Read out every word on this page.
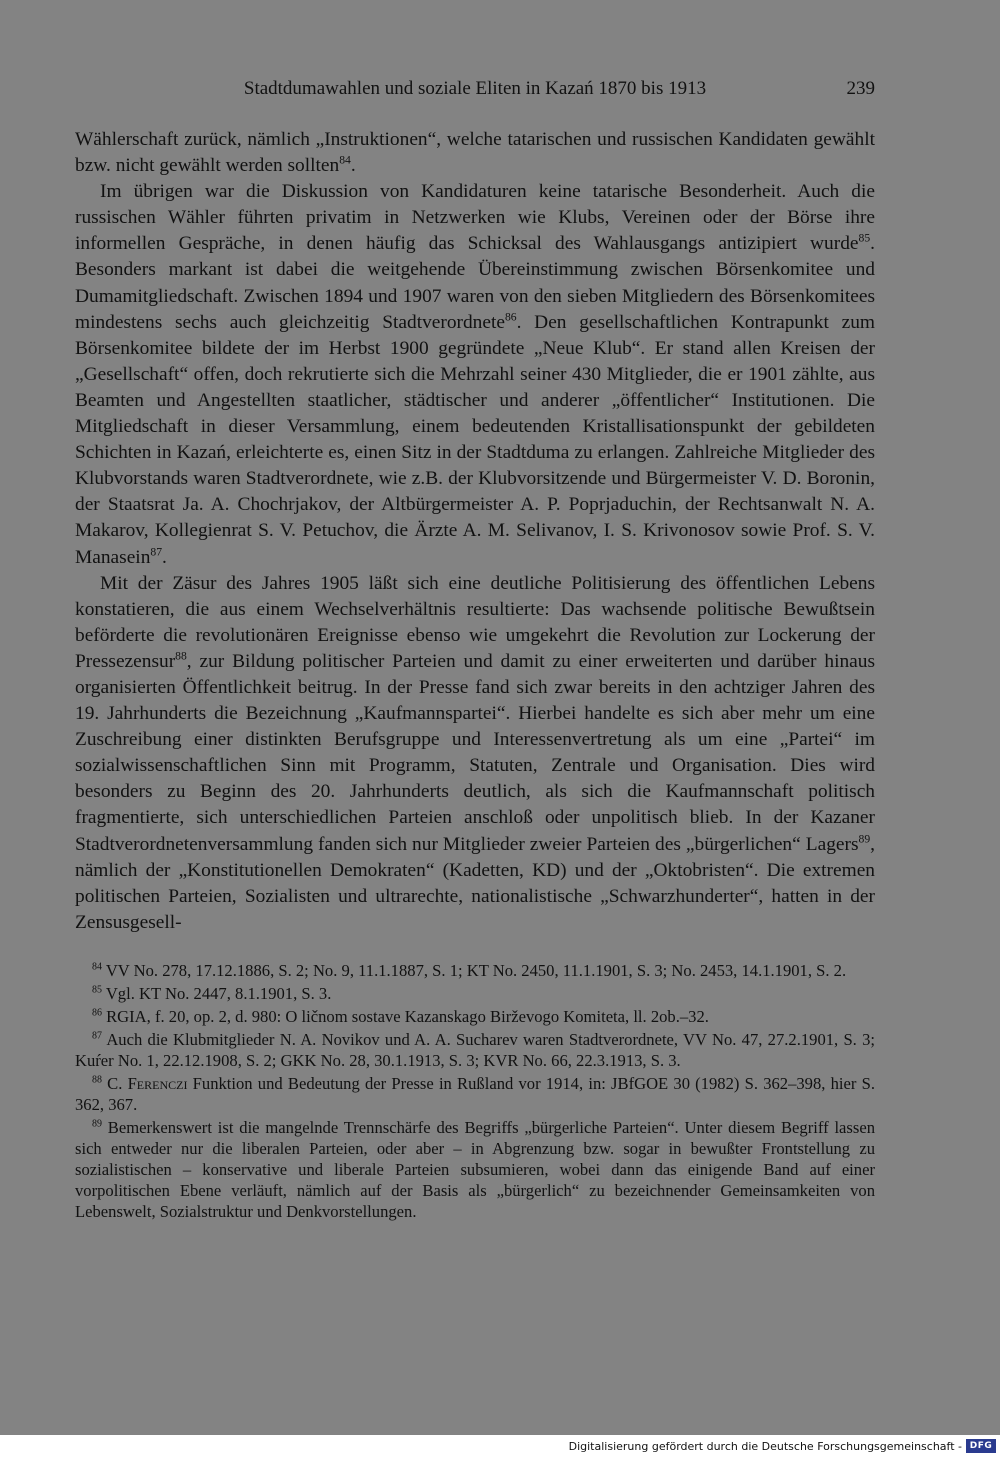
Stadtdumawahlen und soziale Eliten in Kazań 1870 bis 1913	239

Wählerschaft zurück, nämlich „Instruktionen“, welche tatarischen und russischen Kandidaten gewählt bzw. nicht gewählt werden sollten$^{84}$.

Im übrigen war die Diskussion von Kandidaturen keine tatarische Besonderheit. Auch die russischen Wähler führten privatim in Netzwerken wie Klubs, Vereinen oder der Börse ihre informellen Gespräche, in denen häufig das Schicksal des Wahlausgangs antizipiert wurde$^{85}$. Besonders markant ist dabei die weitgehende Übereinstimmung zwischen Börsenkomitee und Dumamitgliedschaft. Zwischen 1894 und 1907 waren von den sieben Mitgliedern des Börsenkomitees mindestens sechs auch gleichzeitig Stadtverordnete$^{86}$. Den gesellschaftlichen Kontrapunkt zum Börsenkomitee bildete der im Herbst 1900 gegründete „Neue Klub“. Er stand allen Kreisen der „Gesellschaft“ offen, doch rekrutierte sich die Mehrzahl seiner 430 Mitglieder, die er 1901 zählte, aus Beamten und Angestellten staatlicher, städtischer und anderer „öffentlicher“ Institutionen. Die Mitgliedschaft in dieser Versammlung, einem bedeutenden Kristallisationspunkt der gebildeten Schichten in Kazań, erleichterte es, einen Sitz in der Stadtduma zu erlangen. Zahlreiche Mitglieder des Klubvorstands waren Stadtverordnete, wie z.B. der Klubvorsitzende und Bürgermeister V. D. Boronin, der Staatsrat Ja. A. Chochrjakov, der Altbürgermeister A. P. Poprjaduchin, der Rechtsanwalt N. A. Makarov, Kollegienrat S. V. Petuchov, die Ärzte A. M. Selivanov, I. S. Krivonosov sowie Prof. S. V. Manasein$^{87}$.

Mit der Zäsur des Jahres 1905 läßt sich eine deutliche Politisierung des öffentlichen Lebens konstatieren, die aus einem Wechselverhältnis resultierte: Das wachsende politische Bewußtsein beförderte die revolutionären Ereignisse ebenso wie umgekehrt die Revolution zur Lockerung der Pressezensur$^{88}$, zur Bildung politischer Parteien und damit zu einer erweiterten und darüber hinaus organisierten Öffentlichkeit beitrug. In der Presse fand sich zwar bereits in den achtziger Jahren des 19. Jahrhunderts die Bezeichnung „Kaufmannspartei“. Hierbei handelte es sich aber mehr um eine Zuschreibung einer distinkten Berufsgruppe und Interessenvertretung als um eine „Partei“ im sozialwissenschaftlichen Sinn mit Programm, Statuten, Zentrale und Organisation. Dies wird besonders zu Beginn des 20. Jahrhunderts deutlich, als sich die Kaufmannschaft politisch fragmentierte, sich unterschiedlichen Parteien anschloß oder unpolitisch blieb. In der Kazaner Stadtverordnetenversammlung fanden sich nur Mitglieder zweier Parteien des „bürgerlichen“ Lagers$^{89}$, nämlich der „Konstitutionellen Demokraten“ (Kadetten, KD) und der „Oktobristen“. Die extremen politischen Parteien, Sozialisten und ultrarechte, nationalistische „Schwarzhunderter“, hatten in der Zensusgesell-

$^{84}$ VV No. 278, 17.12.1886, S. 2; No. 9, 11.1.1887, S. 1; KT No. 2450, 11.1.1901, S. 3; No. 2453, 14.1.1901, S. 2.

$^{85}$ Vgl. KT No. 2447, 8.1.1901, S. 3.

$^{86}$ RGIA, f. 20, op. 2, d. 980: O ličnom sostave Kazanskago Birževogo Komiteta, ll. 2ob.–32.

$^{87}$ Auch die Klubmitglieder N. A. Novikov und A. A. Sucharev waren Stadtverordnete, VV No. 47, 27.2.1901, S. 3; Kuŕer No. 1, 22.12.1908, S. 2; GKK No. 28, 30.1.1913, S. 3; KVR No. 66, 22.3.1913, S. 3.

$^{88}$ C. Ferenczi Funktion und Bedeutung der Presse in Rußland vor 1914, in: JBfGOE 30 (1982) S. 362–398, hier S. 362, 367.

$^{89}$ Bemerkenswert ist die mangelnde Trennschärfe des Begriffs „bürgerliche Parteien“. Unter diesem Begriff lassen sich entweder nur die liberalen Parteien, oder aber – in Abgrenzung bzw. sogar in bewußter Frontstellung zu sozialistischen – konservative und liberale Parteien subsumieren, wobei dann das einigende Band auf einer vorpolitischen Ebene verläuft, nämlich auf der Basis als „bürgerlich“ zu bezeichnender Gemeinsamkeiten von Lebenswelt, Sozialstruktur und Denkvorstellungen.

Digitalisierung gefördert durch die Deutsche Forschungsgemeinschaft - DFG
